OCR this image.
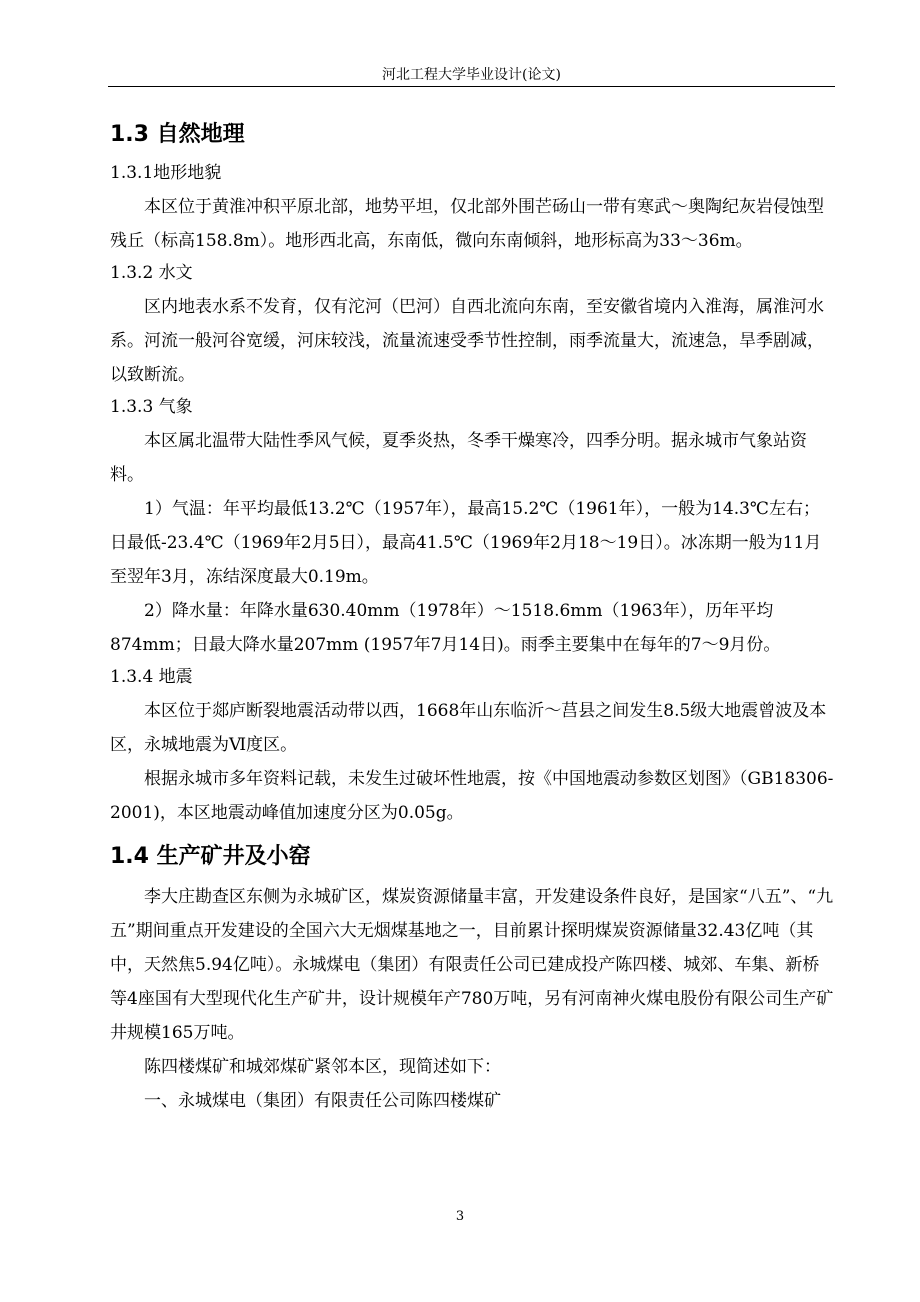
河北工程大学毕业设计(论文)
1.3 自然地理
1.3.1地形地貌

本区位于黄淮冲积平原北部，地势平坦，仅北部外围芒砀山一带有寒武～奥陶纪灰岩侵蚀型残丘（标高158.8m）。地形西北高，东南低，微向东南倾斜，地形标高为33～36m。

1.3.2 水文

区内地表水系不发育，仅有沱河（巴河）自西北流向东南，至安徽省境内入淮海，属淮河水系。河流一般河谷宽缓，河床较浅，流量流速受季节性控制，雨季流量大，流速急，旱季剧减，以致断流。

1.3.3 气象

本区属北温带大陆性季风气候，夏季炎热，冬季干燥寒冷，四季分明。据永城市气象站资料。

1）气温：年平均最低13.2℃（1957年），最高15.2℃（1961年），一般为14.3℃左右；日最低-23.4℃（1969年2月5日），最高41.5℃（1969年2月18～19日）。冰冻期一般为11月至翌年3月，冻结深度最大0.19m。

2）降水量：年降水量630.40mm（1978年）～1518.6mm（1963年），历年平均874mm；日最大降水量207mm (1957年7月14日)。雨季主要集中在每年的7～9月份。

1.3.4 地震

本区位于郯庐断裂地震活动带以西，1668年山东临沂～莒县之间发生8.5级大地震曾波及本区，永城地震为Ⅵ度区。

根据永城市多年资料记载，未发生过破坏性地震，按《中国地震动参数区划图》（GB18306-2001)，本区地震动峰值加速度分区为0.05g。

1.4 生产矿井及小窑

李大庄勘查区东侧为永城矿区，煤炭资源储量丰富，开发建设条件良好，是国家“八五”、“九五”期间重点开发建设的全国六大无烟煤基地之一，目前累计探明煤炭资源储量32.43亿吨（其中，天然焦5.94亿吨）。永城煤电（集团）有限责任公司已建成投产陈四楼、城郊、车集、新桥等4座国有大型现代化生产矿井，设计规模年产780万吨，另有河南神火煤电股份有限公司生产矿井规模165万吨。

陈四楼煤矿和城郊煤矿紧邻本区，现简述如下：

一、永城煤电（集团）有限责任公司陈四楼煤矿

3
